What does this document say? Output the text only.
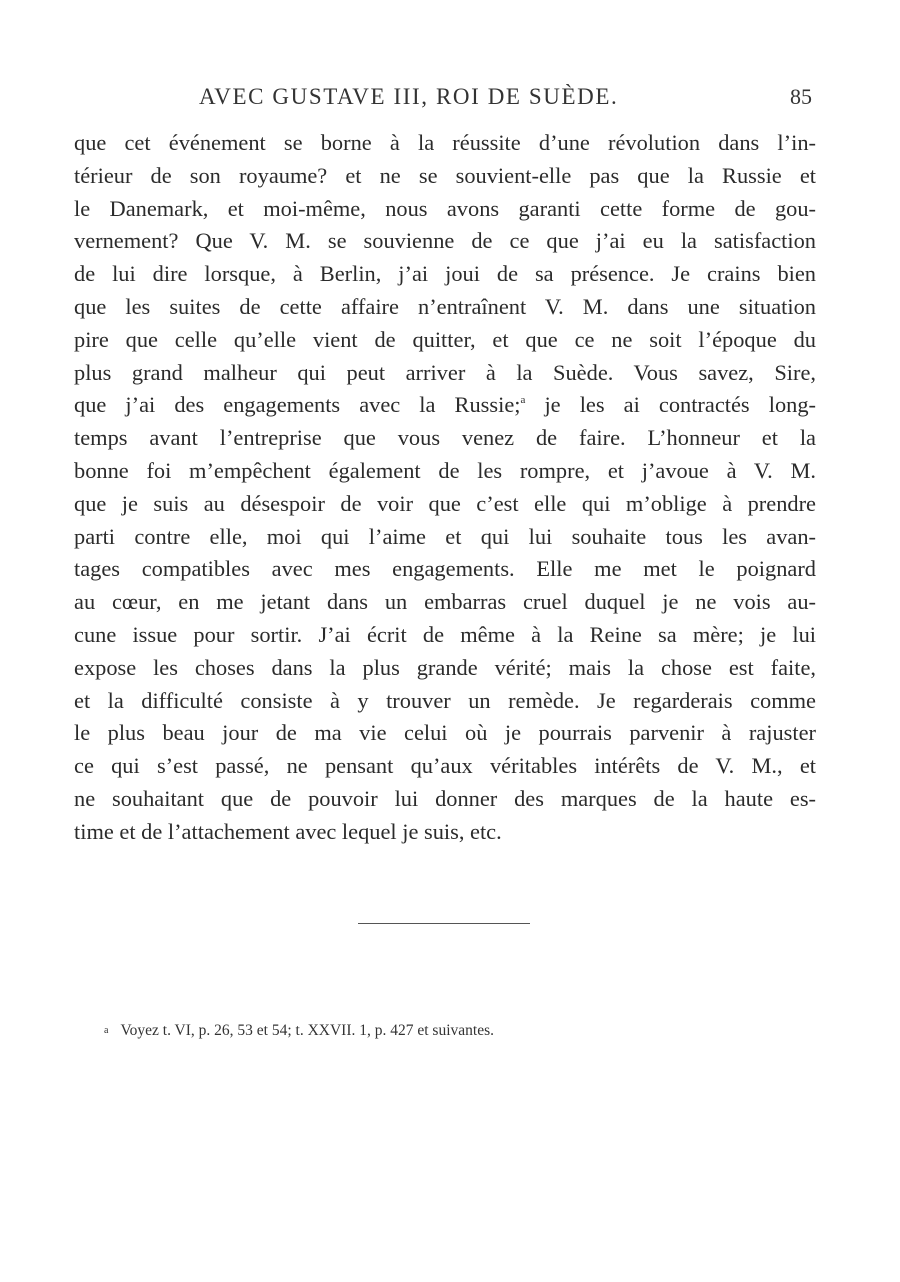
AVEC GUSTAVE III, ROI DE SUÈDE.	85
que cet événement se borne à la réussite d’une révolution dans l’in-
térieur de son royaume? et ne se souvient-elle pas que la Russie et
le Danemark, et moi-même, nous avons garanti cette forme de gou-
vernement? Que V. M. se souvienne de ce que j’ai eu la satisfaction
de lui dire lorsque, à Berlin, j’ai joui de sa présence. Je crains bien
que les suites de cette affaire n’entraînent V. M. dans une situation
pire que celle qu’elle vient de quitter, et que ce ne soit l’époque du
plus grand malheur qui peut arriver à la Suède. Vous savez, Sire,
que j’ai des engagements avec la Russie;$^a$ je les ai contractés long-
temps avant l’entreprise que vous venez de faire. L’honneur et la
bonne foi m’empêchent également de les rompre, et j’avoue à V. M.
que je suis au désespoir de voir que c’est elle qui m’oblige à prendre
parti contre elle, moi qui l’aime et qui lui souhaite tous les avan-
tages compatibles avec mes engagements. Elle me met le poignard
au cœur, en me jetant dans un embarras cruel duquel je ne vois au-
cune issue pour sortir. J’ai écrit de même à la Reine sa mère; je lui
expose les choses dans la plus grande vérité; mais la chose est faite,
et la difficulté consiste à y trouver un remède. Je regarderais comme
le plus beau jour de ma vie celui où je pourrais parvenir à rajuster
ce qui s’est passé, ne pensant qu’aux véritables intérêts de V. M., et
ne souhaitant que de pouvoir lui donner des marques de la haute es-
time et de l’attachement avec lequel je suis, etc.
a Voyez t. VI, p. 26, 53 et 54; t. XXVII. 1, p. 427 et suivantes.
